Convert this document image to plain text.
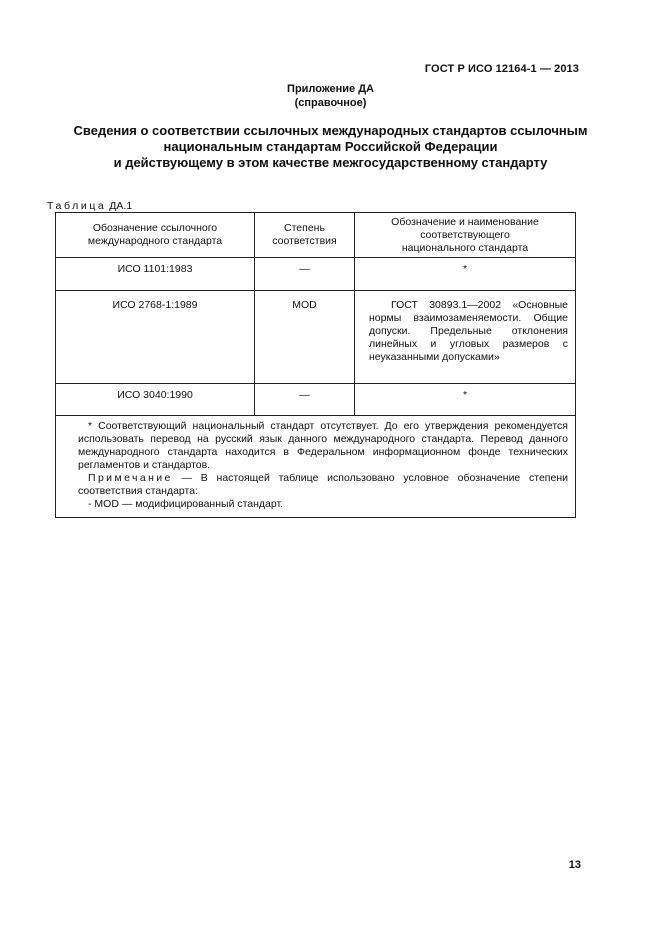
ГОСТ Р ИСО 12164-1 — 2013
Приложение ДА
(справочное)
Сведения о соответствии ссылочных международных стандартов ссылочным
национальным стандартам Российской Федерации
и действующему в этом качестве межгосударственному стандарту
Таблица ДА.1
Обозначение ссылочного международного стандарта	Степень соответствия	Обозначение и наименование соответствующего национального стандарта
ИСО 1101:1983	—	*
ИСО 2768-1:1989	MOD	ГОСТ 30893.1—2002 «Основные нормы взаимозаменяемости. Общие допуски. Предельные отклонения линейных и угловых размеров с неуказанными допусками»
ИСО 3040:1990	—	*

* Соответствующий национальный стандарт отсутствует. До его утверждения рекомендуется использовать перевод на русский язык данного международного стандарта. Перевод данного международного стандарта находится в Федеральном информационном фонде технических регламентов и стандартов.
Примечание — В настоящей таблице использовано условное обозначение степени соответствия стандарта:
- MOD — модифицированный стандарт.		
13
